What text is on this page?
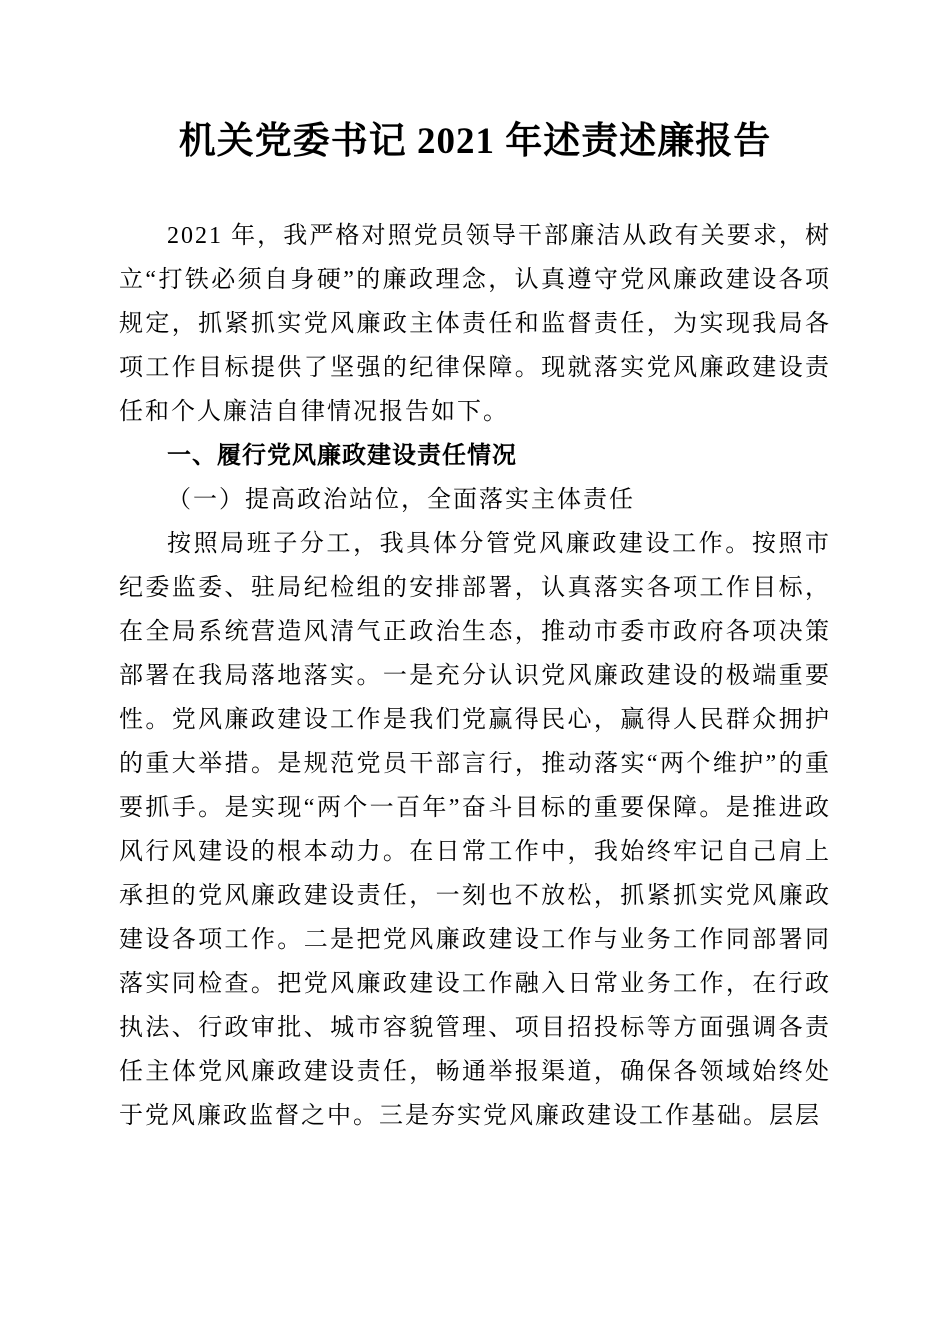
机关党委书记 2021 年述责述廉报告

2021 年，我严格对照党员领导干部廉洁从政有关要求，树立“打铁必须自身硬”的廉政理念，认真遵守党风廉政建设各项规定，抓紧抓实党风廉政主体责任和监督责任，为实现我局各项工作目标提供了坚强的纪律保障。现就落实党风廉政建设责任和个人廉洁自律情况报告如下。

一、履行党风廉政建设责任情况
（一）提高政治站位，全面落实主体责任

按照局班子分工，我具体分管党风廉政建设工作。按照市纪委监委、驻局纪检组的安排部署，认真落实各项工作目标，在全局系统营造风清气正政治生态，推动市委市政府各项决策部署在我局落地落实。一是充分认识党风廉政建设的极端重要性。党风廉政建设工作是我们党赢得民心，赢得人民群众拥护的重大举措。是规范党员干部言行，推动落实“两个维护”的重要抓手。是实现“两个一百年”奋斗目标的重要保障。是推进政风行风建设的根本动力。在日常工作中，我始终牢记自己肩上承担的党风廉政建设责任，一刻也不放松，抓紧抓实党风廉政建设各项工作。二是把党风廉政建设工作与业务工作同部署同落实同检查。把党风廉政建设工作融入日常业务工作，在行政执法、行政审批、城市容貌管理、项目招投标等方面强调各责任主体党风廉政建设责任，畅通举报渠道，确保各领域始终处于党风廉政监督之中。三是夯实党风廉政建设工作基础。层层
